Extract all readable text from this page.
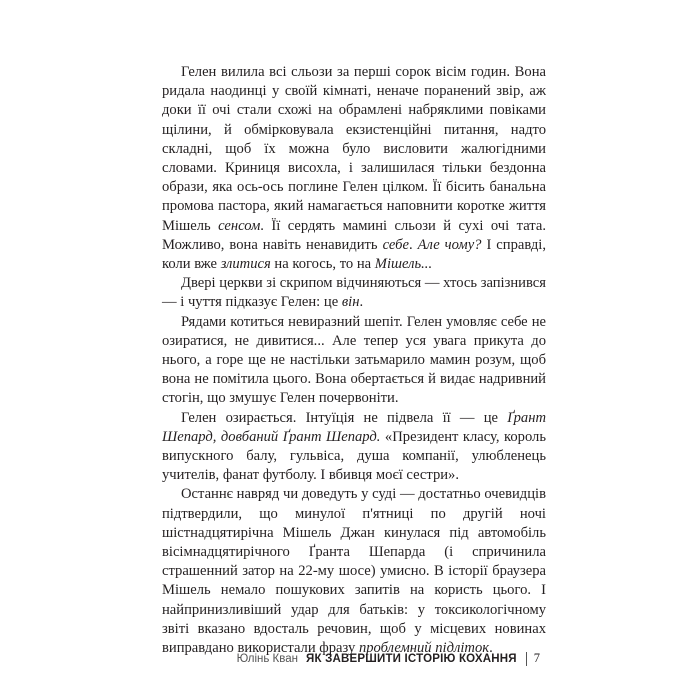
Гелен вилила всі сльози за перші сорок вісім годин. Вона ридала наодинці у своїй кімнаті, неначе поранений звір, аж доки її очі стали схожі на обрамлені набряклими повіками щілини, й обмірковувала екзистенційні питання, надто складні, щоб їх можна було висловити жалюгідними словами. Криниця висохла, і залишилася тільки бездонна образи, яка ось-ось поглине Гелен цілком. Її бісить банальна промова пастора, який намагається наповнити коротке життя Мішель сенсом. Її сердять мамині сльози й сухі очі тата. Можливо, вона навіть ненавидить себе. Але чому? І справді, коли вже злитися на когось, то на Мішель...

Двері церкви зі скрипом відчиняються — хтось запізнився — і чуття підказує Гелен: це він.

Рядами котиться невиразний шепіт. Гелен умовляє себе не озиратися, не дивитися... Але тепер уся увага прикута до нього, а горе ще не настільки затьмарило мамин розум, щоб вона не помітила цього. Вона обертається й видає надривний стогін, що змушує Гелен почервоніти.

Гелен озирається. Інтуїція не підвела її — це Ґрант Шепард, довбаний Ґрант Шепард. «Президент класу, король випускного балу, гульвіса, душа компанії, улюбленець учителів, фанат футболу. І вбивця моєї сестри».

Останнє навряд чи доведуть у суді — достатньо очевидців підтвердили, що минулої п'ятниці по другій ночі шістнадцятирічна Мішель Джан кинулася під автомобіль вісімнадцятирічного Ґранта Шепарда (і спричинила страшенний затор на 22-му шосе) умисно. В історії браузера Мішель немало пошукових запитів на користь цього. І найпринизливіший удар для батьків: у токсикологічному звіті вказано вдосталь речовин, щоб у місцевих новинах виправдано використали фразу проблемний підліток.

Юлінь Кван ЯК ЗАВЕРШИТИ ІСТОРІЮ КОХАННЯ 7
